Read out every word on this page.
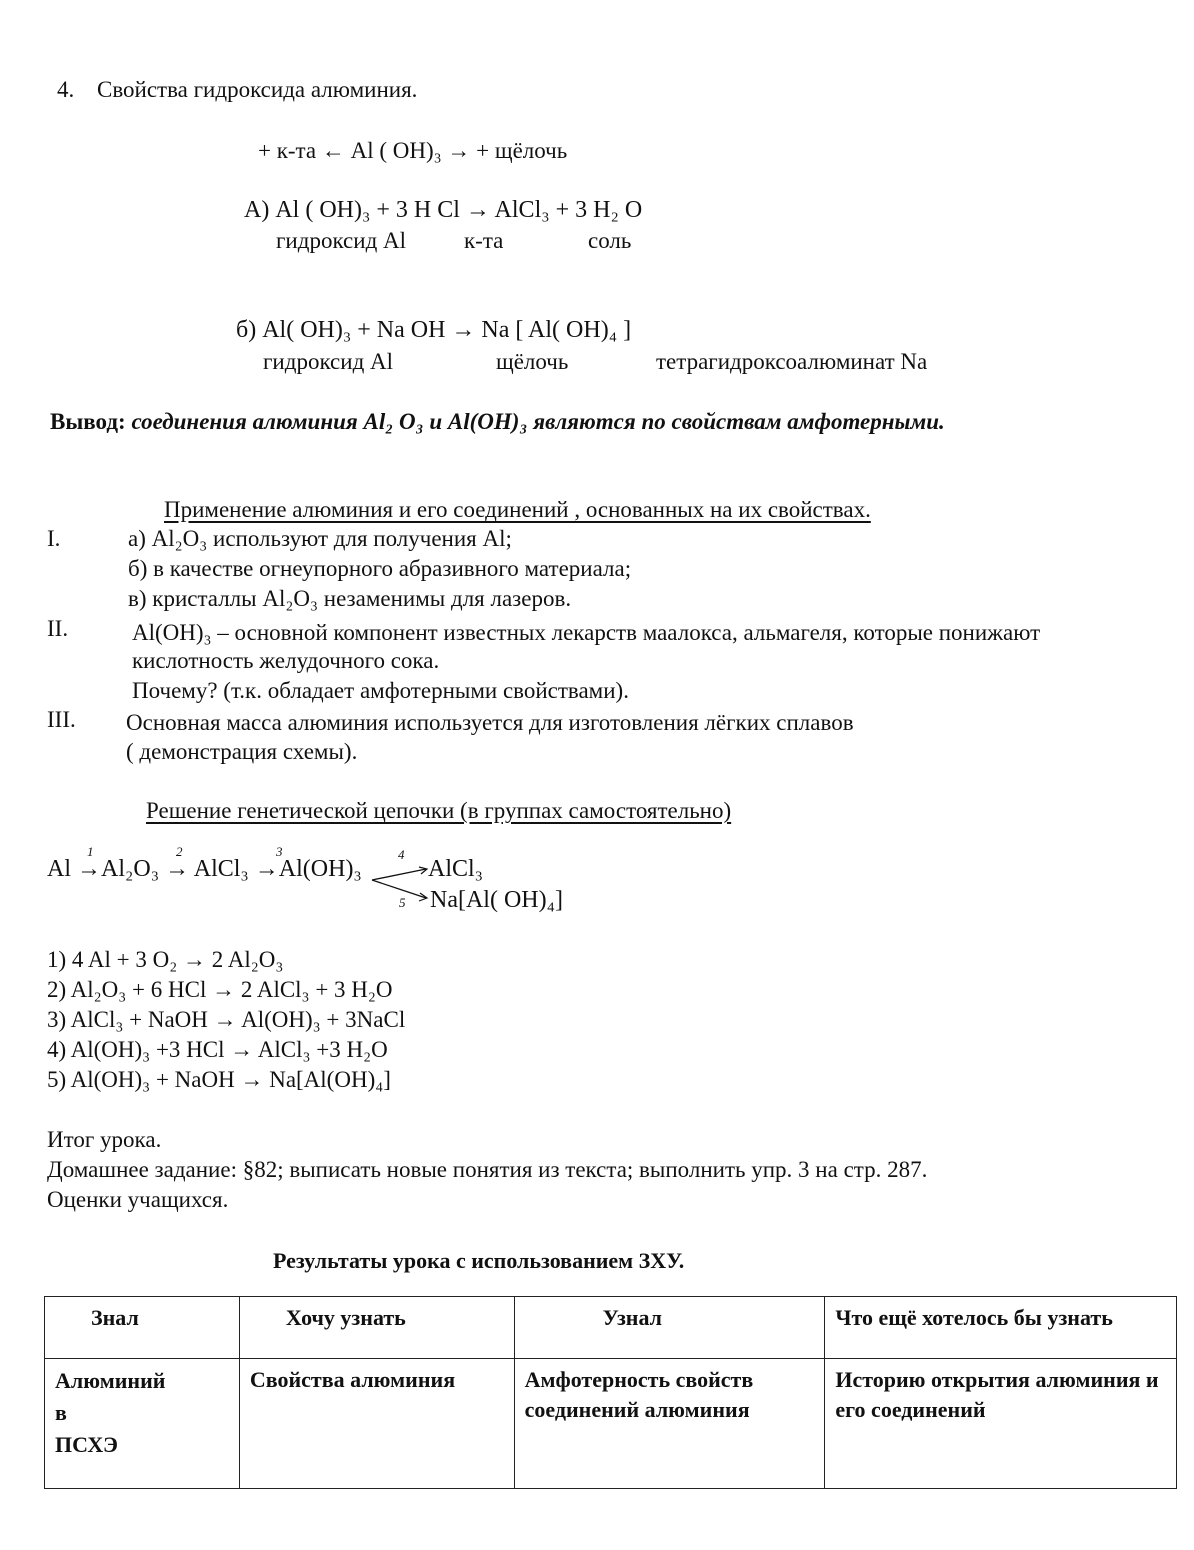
4. Свойства гидроксида алюминия.
+ к-та ← Al ( OH)₃ → + щёлочь
А) Al ( OH)₃ + 3 H Cl → AlCl₃ + 3 H₂ O
гидроксид Al	к-та	соль
б) Al( OH)₃ + Na OH → Na [ Al( OH)₄ ]
гидроксид Al	щёлочь	тетрагидроксоалюминат Na
Вывод: соединения алюминия Al₂ O₃ и Al(OH)₃ являются по свойствам амфотерными.
Применение алюминия и его соединений , основанных на их свойствах.
I.	а) Al₂O₃ используют для получения Al;
б) в качестве огнеупорного абразивного материала;
в) кристаллы Al₂O₃ незаменимы для лазеров.
II.	Al(OH)₃ – основной компонент известных лекарств маалокса, альмагеля, которые понижают
кислотность желудочного сока.
Почему? (т.к. обладает амфотерными свойствами).
III. Основная масса алюминия используется для изготовления лёгких сплавов
( демонстрация схемы).
Решение генетической цепочки (в группах самостоятельно)
Al →Al₂O₃ → AlCl₃ →Al(OH)₃	AlCl₃
Na[Al( OH)₄]
1	2	3	4
5
1) 4 Al + 3 O₂ → 2 Al₂O₃
2) Al₂O₃ + 6 HCl → 2 AlCl₃ + 3 H₂O
3) AlCl₃ + NaOH → Al(OH)₃ + 3NaCl
4) Al(OH)₃ +3 HCl → AlCl₃ +3 H₂O
5) Al(OH)₃ + NaOH → Na[Al(OH)₄]
Итог урока.
Домашнее задание: §82; выписать новые понятия из текста; выполнить упр. 3 на стр. 287.
Оценки учащихся.
Результаты урока с использованием ЗХУ.
Знал	Хочу узнать	Узнал	Что ещё хотелось бы узнать
Алюминий
в
ПСХЭ	Свойства алюминия	Амфотерность свойств соединений алюминия	Историю открытия алюминия и его соединений
